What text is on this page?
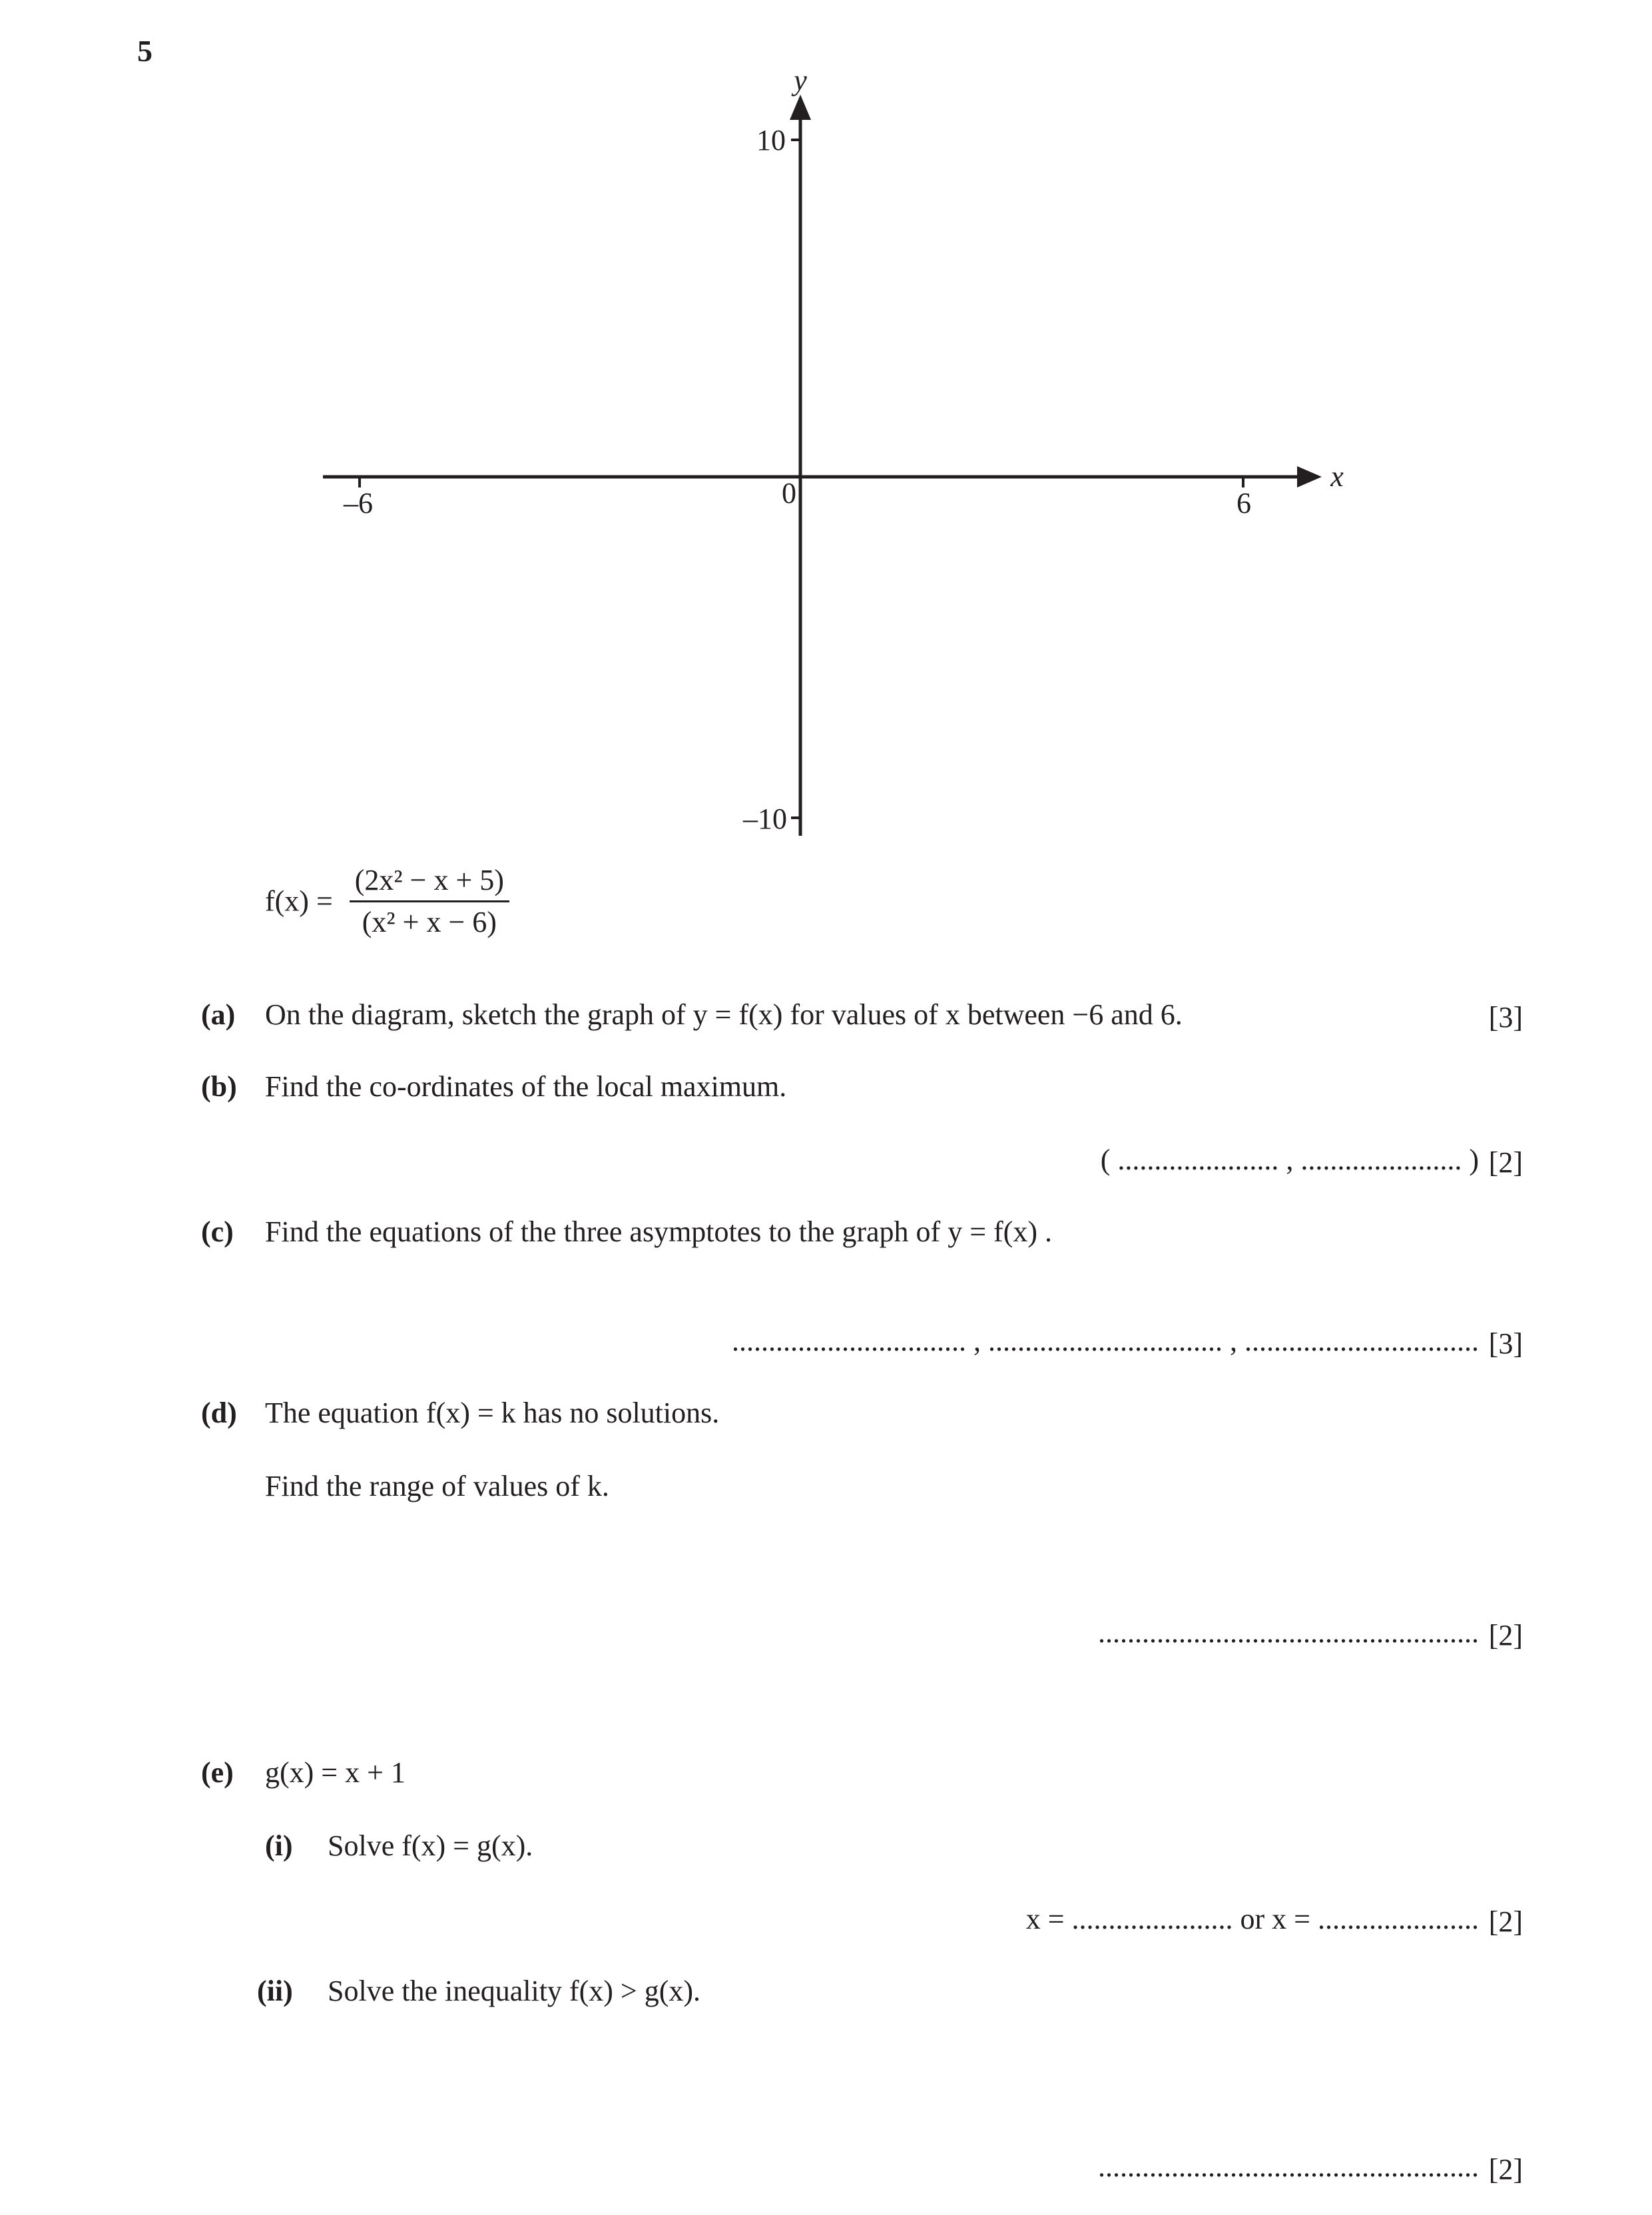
5
y
x
10
–10
0
–6	6
$f(x) = \frac{\text{(2x² − x + 5)}}{\text{(x² + x − 6)}}$
(a) On the diagram, sketch the graph of y = f(x) for values of x between −6 and 6.	[3]
(b) Find the co-ordinates of the local maximum.
( ...................... , ...................... ) [2]
(c) Find the equations of the three asymptotes to the graph of y = f(x) .
................................ , ................................ , ................................ [3]
(d) The equation f(x) = k has no solutions.
Find the range of values of k.
.................................................... [2]
(e) g(x) = x + 1
(i) Solve f(x) = g(x).
x = ...................... or x = ...................... [2]
(ii) Solve the inequality f(x) > g(x).
.................................................... [2]
